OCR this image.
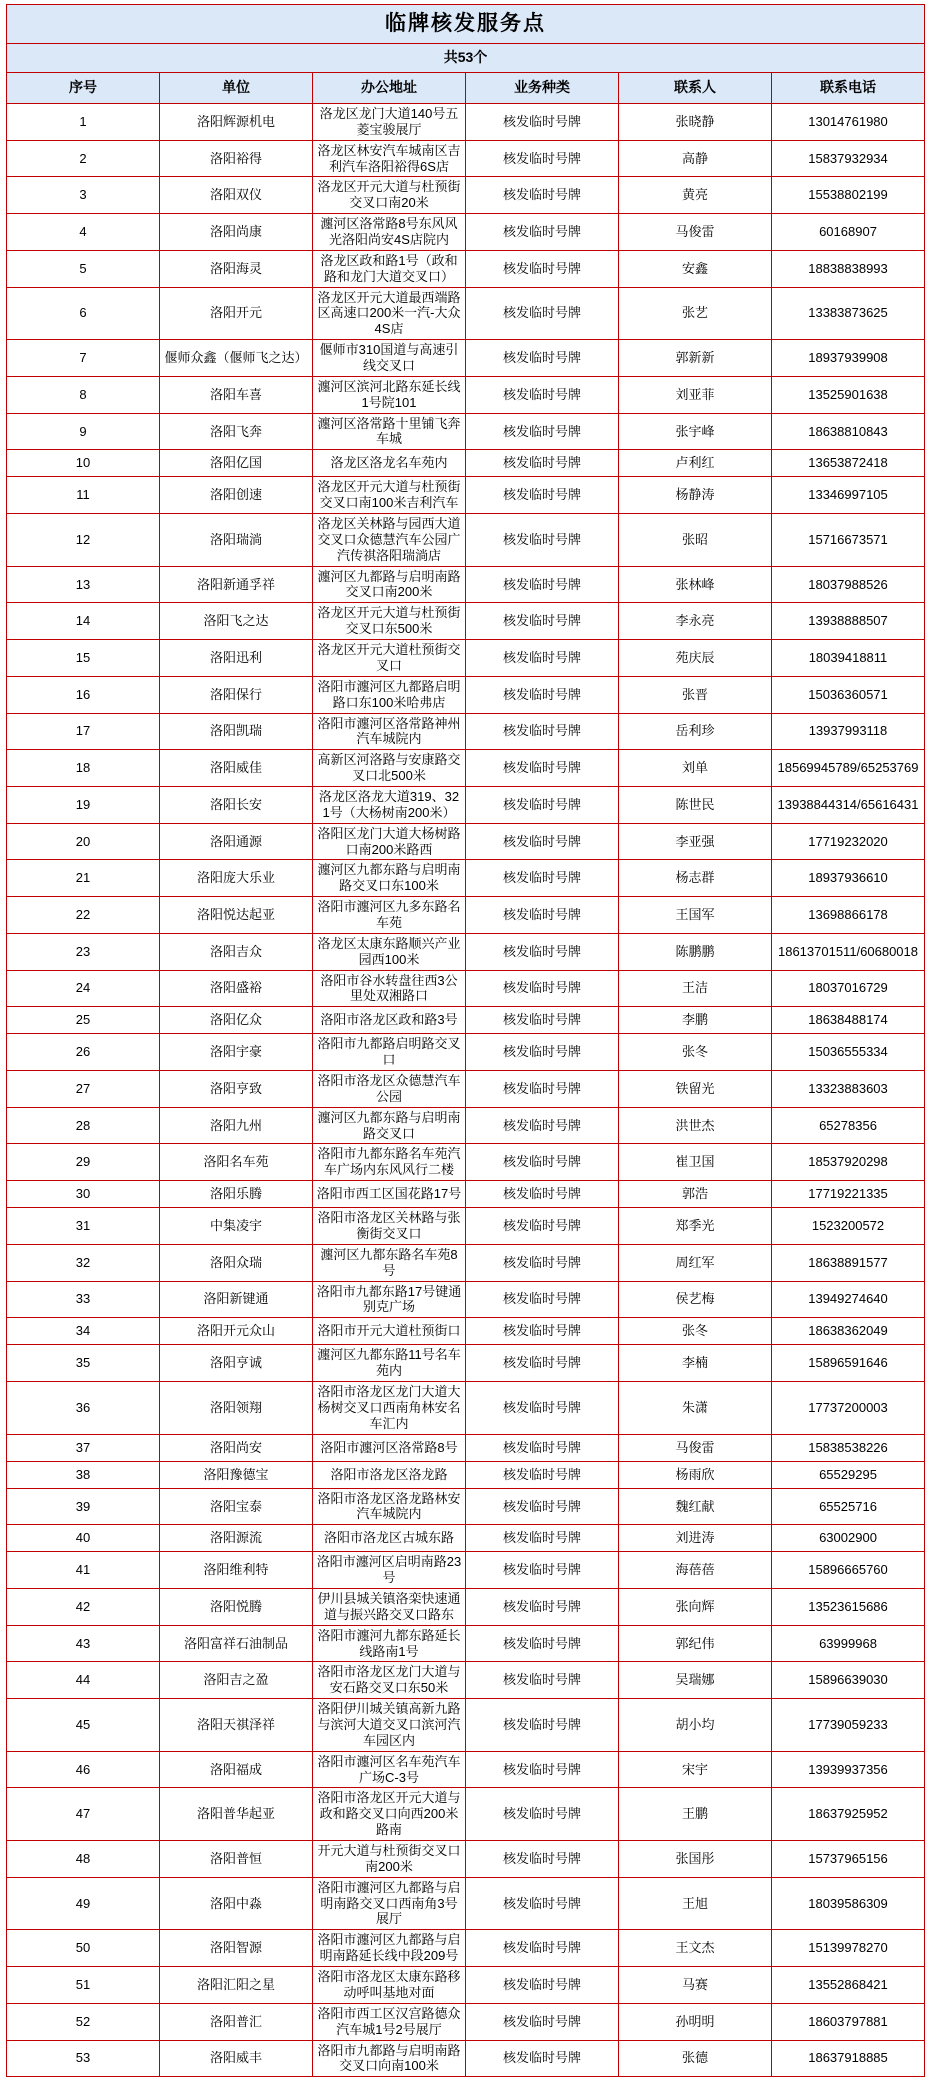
临牌核发服务点					
共53个					
序号	单位	办公地址	业务种类	联系人	联系电话
1	洛阳辉源机电	洛龙区龙门大道140号五菱宝骏展厅	核发临时号牌	张晓静	13014761980
2	洛阳裕得	洛龙区林安汽车城南区吉利汽车洛阳裕得6S店	核发临时号牌	高静	15837932934
3	洛阳双仪	洛龙区开元大道与杜预街交叉口南20米	核发临时号牌	黄亮	15538802199
4	洛阳尚康	瀍河区洛常路8号东风风光洛阳尚安4S店院内	核发临时号牌	马俊雷	60168907
5	洛阳海灵	洛龙区政和路1号（政和路和龙门大道交叉口）	核发临时号牌	安鑫	18838838993
6	洛阳开元	洛龙区开元大道最西端路区高速口200米一汽-大众4S店	核发临时号牌	张艺	13383873625
7	偃师众鑫（偃师飞之达）	偃师市310国道与高速引线交叉口	核发临时号牌	郭新新	18937939908
8	洛阳车喜	瀍河区滨河北路东延长线1号院101	核发临时号牌	刘亚菲	13525901638
9	洛阳飞奔	瀍河区洛常路十里铺飞奔车城	核发临时号牌	张宇峰	18638810843
10	洛阳亿国	洛龙区洛龙名车苑内	核发临时号牌	卢利红	13653872418
11	洛阳创速	洛龙区开元大道与杜预街交叉口南100米吉利汽车	核发临时号牌	杨静涛	13346997105
12	洛阳瑞淌	洛龙区关林路与园西大道交叉口众德慧汽车公园广汽传祺洛阳瑞淌店	核发临时号牌	张昭	15716673571
13	洛阳新通孚祥	瀍河区九都路与启明南路交叉口南200米	核发临时号牌	张林峰	18037988526
14	洛阳飞之达	洛龙区开元大道与杜预街交叉口东500米	核发临时号牌	李永亮	13938888507
15	洛阳迅利	洛龙区开元大道杜预街交叉口	核发临时号牌	苑庆辰	18039418811
16	洛阳保行	洛阳市瀍河区九都路启明路口东100米哈弗店	核发临时号牌	张晋	15036360571
17	洛阳凯瑞	洛阳市瀍河区洛常路神州汽车城院内	核发临时号牌	岳利珍	13937993118
18	洛阳威佳	高新区河洛路与安康路交叉口北500米	核发临时号牌	刘单	18569945789/65253769
19	洛阳长安	洛龙区洛龙大道319、321号（大杨树南200米）	核发临时号牌	陈世民	13938844314/65616431
20	洛阳通源	洛阳区龙门大道大杨树路口南200米路西	核发临时号牌	李亚强	17719232020
21	洛阳庞大乐业	瀍河区九都东路与启明南路交叉口东100米	核发临时号牌	杨志群	18937936610
22	洛阳悦达起亚	洛阳市瀍河区九多东路名车苑	核发临时号牌	王国军	13698866178
23	洛阳吉众	洛龙区太康东路顺兴产业园西100米	核发临时号牌	陈鹏鹏	18613701511/60680018
24	洛阳盛裕	洛阳市谷水转盘往西3公里处双湘路口	核发临时号牌	王洁	18037016729
25	洛阳亿众	洛阳市洛龙区政和路3号	核发临时号牌	李鹏	18638488174
26	洛阳宇豪	洛阳市九都路启明路交叉口	核发临时号牌	张冬	15036555334
27	洛阳亨致	洛阳市洛龙区众德慧汽车公园	核发临时号牌	铁留光	13323883603
28	洛阳九州	瀍河区九都东路与启明南路交叉口	核发临时号牌	洪世杰	65278356
29	洛阳名车苑	洛阳市九都东路名车苑汽车广场内东风风行二楼	核发临时号牌	崔卫国	18537920298
30	洛阳乐腾	洛阳市西工区国花路17号	核发临时号牌	郭浩	17719221335
31	中集凌宇	洛阳市洛龙区关林路与张衡街交叉口	核发临时号牌	郑季光	1523200572
32	洛阳众瑞	瀍河区九都东路名车苑8号	核发临时号牌	周红军	18638891577
33	洛阳新键通	洛阳市九都东路17号键通别克广场	核发临时号牌	侯艺梅	13949274640
34	洛阳开元众山	洛阳市开元大道杜预街口	核发临时号牌	张冬	18638362049
35	洛阳亨诚	瀍河区九都东路11号名车苑内	核发临时号牌	李楠	15896591646
36	洛阳领翔	洛阳市洛龙区龙门大道大杨树交叉口西南角林安名车汇内	核发临时号牌	朱潇	17737200003
37	洛阳尚安	洛阳市瀍河区洛常路8号	核发临时号牌	马俊雷	15838538226
38	洛阳豫德宝	洛阳市洛龙区洛龙路	核发临时号牌	杨雨欣	65529295
39	洛阳宝泰	洛阳市洛龙区洛龙路林安汽车城院内	核发临时号牌	魏红献	65525716
40	洛阳源流	洛阳市洛龙区古城东路	核发临时号牌	刘进涛	63002900
41	洛阳维利特	洛阳市瀍河区启明南路23号	核发临时号牌	海蓓蓓	15896665760
42	洛阳悦腾	伊川县城关镇洛栾快速通道与振兴路交叉口路东	核发临时号牌	张向辉	13523615686
43	洛阳富祥石油制品	洛阳市瀍河九都东路延长线路南1号	核发临时号牌	郭纪伟	63999968
44	洛阳吉之盈	洛阳市洛龙区龙门大道与安石路交叉口东50米	核发临时号牌	吴瑞娜	15896639030
45	洛阳天祺泽祥	洛阳伊川城关镇高新九路与滨河大道交叉口滨河汽车园区内	核发临时号牌	胡小均	17739059233
46	洛阳福成	洛阳市瀍河区名车苑汽车广场C-3号	核发临时号牌	宋宇	13939937356
47	洛阳普华起亚	洛阳市洛龙区开元大道与政和路交叉口向西200米路南	核发临时号牌	王鹏	18637925952
48	洛阳普恒	开元大道与杜预街交叉口南200米	核发临时号牌	张国彤	15737965156
49	洛阳中淼	洛阳市瀍河区九都路与启明南路交叉口西南角3号展厅	核发临时号牌	王旭	18039586309
50	洛阳智源	洛阳市瀍河区九都路与启明南路延长线中段209号	核发临时号牌	王文杰	15139978270
51	洛阳汇阳之星	洛阳市洛龙区太康东路移动呼叫基地对面	核发临时号牌	马赛	13552868421
52	洛阳普汇	洛阳市西工区汉宫路德众汽车城1号2号展厅	核发临时号牌	孙明明	18603797881
53	洛阳威丰	洛阳市九都路与启明南路交叉口向南100米	核发临时号牌	张德	18637918885
